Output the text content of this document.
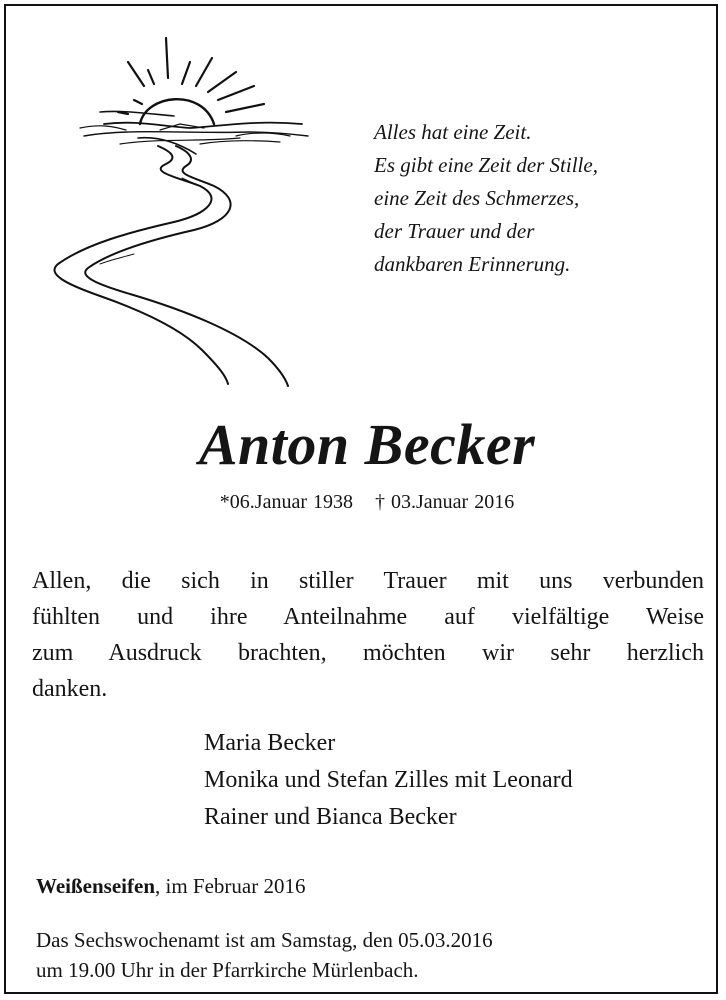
Alles hat eine Zeit.
Es gibt eine Zeit der Stille,
eine Zeit des Schmerzes,
der Trauer und der
dankbaren Erinnerung.
Anton Becker
*06.Januar 1938 † 03.Januar 2016
Allen, die sich in stiller Trauer mit uns verbunden
fühlten und ihre Anteilnahme auf vielfältige Weise
zum Ausdruck brachten, möchten wir sehr herzlich
danken.
Maria Becker
Monika und Stefan Zilles mit Leonard
Rainer und Bianca Becker
Weißenseifen, im Februar 2016
Das Sechswochenamt ist am Samstag, den 05.03.2016
um 19.00 Uhr in der Pfarrkirche Mürlenbach.
